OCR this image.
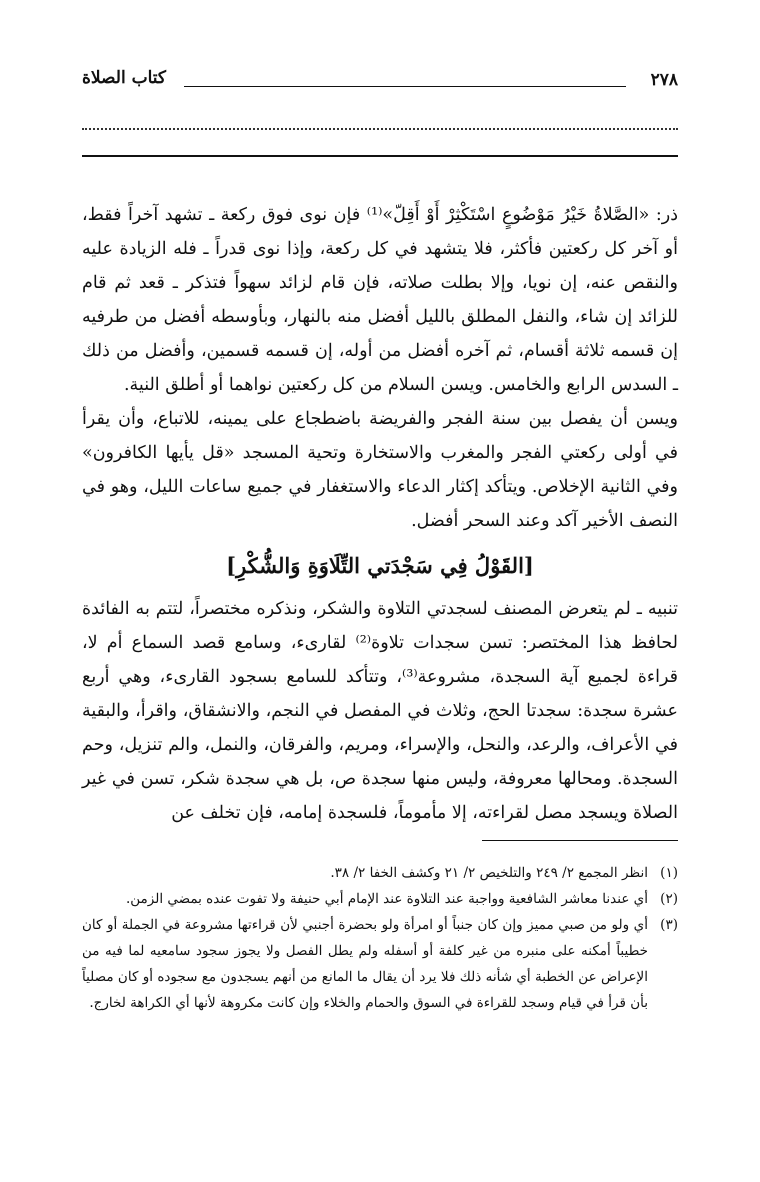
٢٧٨
كتاب الصلاة

ذر: «الصَّلاةُ خَيْرُ مَوْضُوعٍ اسْتَكْثِرْ أَوْ أَقِلّ»⁽¹⁾ فإن نوى فوق ركعة ـ تشهد آخراً فقط، أو آخر كل ركعتين فأكثر، فلا يتشهد في كل ركعة، وإذا نوى قدراً ـ فله الزيادة عليه والنقص عنه، إن نويا، وإلا بطلت صلاته، فإن قام لزائد سهواً فتذكر ـ قعد ثم قام للزائد إن شاء، والنفل المطلق بالليل أفضل منه بالنهار، وبأوسطه أفضل من طرفيه إن قسمه ثلاثة أقسام، ثم آخره أفضل من أوله، إن قسمه قسمين، وأفضل من ذلك ـ السدس الرابع والخامس. ويسن السلام من كل ركعتين نواهما أو أطلق النية.

ويسن أن يفصل بين سنة الفجر والفريضة باضطجاع على يمينه، للاتباع، وأن يقرأ في أولى ركعتي الفجر والمغرب والاستخارة وتحية المسجد «قل يأيها الكافرون» وفي الثانية الإخلاص. ويتأكد إكثار الدعاء والاستغفار في جميع ساعات الليل، وهو في النصف الأخير آكد وعند السحر أفضل.

[القَوْلُ فِي سَجْدَتي التِّلَاوَةِ وَالشُّكْرِ]

تنبيه ـ لم يتعرض المصنف لسجدتي التلاوة والشكر، ونذكره مختصراً، لتتم به الفائدة لحافظ هذا المختصر: تسن سجدات تلاوة⁽²⁾ لقارىء، وسامع قصد السماع أم لا، قراءة لجميع آية السجدة، مشروعة⁽³⁾، وتتأكد للسامع بسجود القارىء، وهي أربع عشرة سجدة: سجدتا الحج، وثلاث في المفصل في النجم، والانشقاق، واقرأ، والبقية في الأعراف، والرعد، والنحل، والإسراء، ومريم، والفرقان، والنمل، والم تنزيل، وحم السجدة. ومحالها معروفة، وليس منها سجدة ص، بل هي سجدة شكر، تسن في غير الصلاة ويسجد مصل لقراءته، إلا مأموماً، فلسجدة إمامه، فإن تخلف عن

(١)
انظر المجمع ٢/ ٢٤٩ والتلخيص ٢/ ٢١ وكشف الخفا ٢/ ٣٨.
(٢)
أي عندنا معاشر الشافعية وواجبة عند التلاوة عند الإمام أبي حنيفة ولا تفوت عنده بمضي الزمن.
(٣)
أي ولو من صبي مميز وإن كان جنباً أو امرأة ولو بحضرة أجنبي لأن قراءتها مشروعة في الجملة أو كان خطيباً أمكنه على منبره من غير كلفة أو أسفله ولم يطل الفصل ولا يجوز سجود سامعيه لما فيه من الإعراض عن الخطبة أي شأنه ذلك فلا يرد أن يقال ما المانع من أنهم يسجدون مع سجوده أو كان مصلياً بأن قرأ في قيام وسجد للقراءة في السوق والحمام والخلاء وإن كانت مكروهة لأنها أي الكراهة لخارج.
